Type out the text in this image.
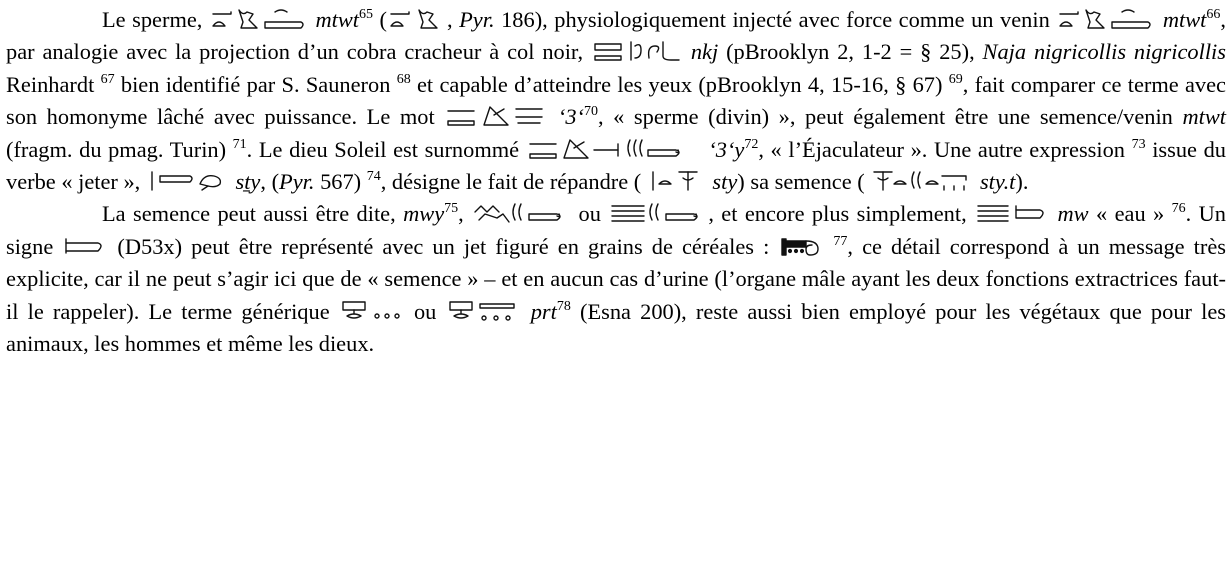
Le sperme,	mtwt$^{65}$ (	, Pyr. 186), physiologiquement injecté avec force comme un venin	mtwt$^{66}$, par analogie avec la projection d’un cobra cracheur à col noir,	nkj (pBrooklyn 2, 1-2 = § 25), Naja nigricollis nigricollis Reinhardt $^{67}$ bien identifié par S. Sauneron $^{68}$ et capable d’atteindre les yeux (pBrooklyn 4, 15-16, § 67) $^{69}$, fait comparer ce terme avec son homonyme lâché avec puissance. Le mot	‘3‘$^{70}$, « sperme (divin) », peut également être une semence/venin mtwt (fragm. du pmag. Turin) $^{71}$. Le dieu Soleil est surnommé	‘$3‘y^{72}$, « l’Éjaculateur ». Une autre expression $^{73}$ issue du verbe « jeter »,	sṯy, (Pyr. 567) $^{74}$, désigne le fait de répandre (	sty) sa semence (	sty.t).

La semence peut aussi être dite, mwy$^{75}$,	ou	, et encore plus simplement,	mw « eau » $^{76}$. Un signe
(D53x) peut être représenté avec un jet figuré en grains de céréales :	$^{77}$, ce détail correspond à un message très explicite, car il ne peut s’agir ici que de « semence » – et en aucun cas d’urine (l’organe mâle ayant les deux fonctions extractrices faut-il le rappeler). Le terme générique	ou	prt$^{78}$ (Esna 200), reste aussi bien employé pour les végétaux que pour les animaux, les hommes et même les dieux.
